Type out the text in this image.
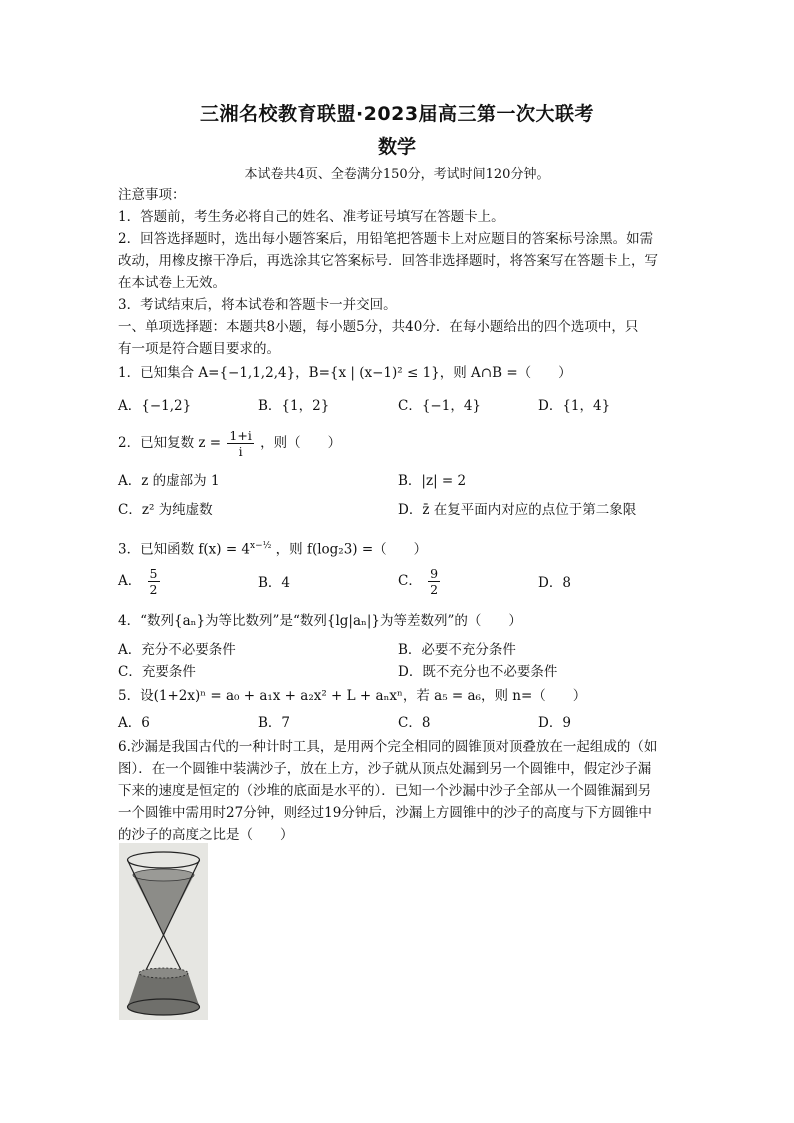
三湘名校教育联盟·2023届高三第一次大联考
数学
本试卷共4页、全卷满分150分，考试时间120分钟。
注意事项：
1．答题前，考生务必将自己的姓名、准考证号填写在答题卡上。
2．回答选择题时，选出每小题答案后，用铅笔把答题卡上对应题目的答案标号涂黑。如需
改动，用橡皮擦干净后，再选涂其它答案标号．回答非选择题时，将答案写在答题卡上，写
在本试卷上无效。
3．考试结束后，将本试卷和答题卡一并交回。
一、单项选择题：本题共8小题，每小题5分，共40分．在每小题给出的四个选项中，只
有一项是符合题目要求的。
1．已知集合 A={−1,1,2,4}，B={x | (x−1)² ≤ 1}，则 A∩B =（　　）
A．{−1,2}	B．{1，2}	C．{−1，4}	D．{1，4}
2．已知复数 $z = \frac{1+i}{i}$ ，则（　　）
A．z 的虚部为 1	B．|z| = 2
C．z² 为纯虚数	D．z̄ 在复平面内对应的点位于第二象限
3．已知函数 $f(x) = 4^{x-\frac{1}{2}}$ ，则 f(log₂3) =（　　）
A． $\frac{5}{2}$	B．4	C． $\frac{9}{2}$	D．8
4．“数列{aₙ}为等比数列”是“数列{lg|aₙ|}为等差数列”的（　　）
A．充分不必要条件	B．必要不充分条件
C．充要条件	D．既不充分也不必要条件
5．设(1+2x)ⁿ = a₀ + a₁x + a₂x² + L + aₙxⁿ，若 a₅ = a₆，则 n=（　　）
A．6	B．7	C．8	D．9
6.沙漏是我国古代的一种计时工具，是用两个完全相同的圆锥顶对顶叠放在一起组成的（如
图）．在一个圆锥中装满沙子，放在上方，沙子就从顶点处漏到另一个圆锥中，假定沙子漏
下来的速度是恒定的（沙堆的底面是水平的）．已知一个沙漏中沙子全部从一个圆锥漏到另
一个圆锥中需用时27分钟，则经过19分钟后，沙漏上方圆锥中的沙子的高度与下方圆锥中
的沙子的高度之比是（　　）
